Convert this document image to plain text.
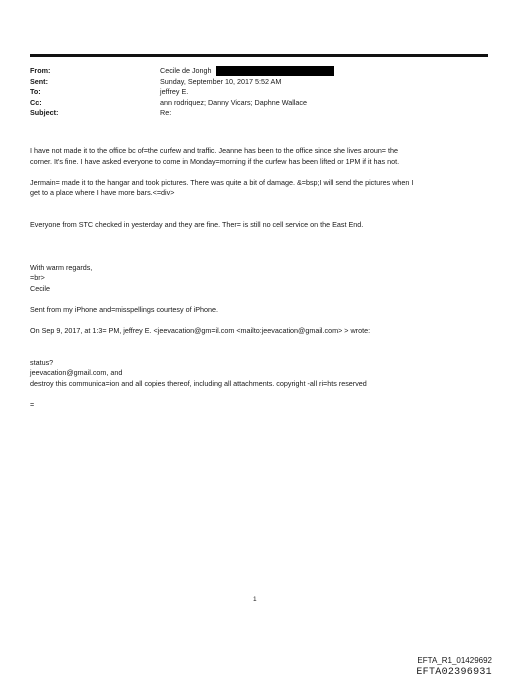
From:	Cecile de Jongh
Sent:	Sunday, September 10, 2017 5:52 AM
To:	jeffrey E.
Cc:	ann rodriquez; Danny Vicars; Daphne Wallace
Subject:	Re:

I have not made it to the office bc of=the curfew and traffic. Jeanne has been to the office since she lives aroun= the

corner. It's fine. I have asked everyone to come in Monday=morning if the curfew has been lifted or 1PM if it has not.

Jermain= made it to the hangar and took pictures. There was quite a bit of damage. &=bsp;I will send the pictures when I

get to a place where I have more bars.<=div>

Everyone from STC checked in yesterday and they are fine. Ther= is still no cell service on the East End.

With warm regards,

=br>

Cecile

Sent from my iPhone and=misspellings courtesy of iPhone.

On Sep 9, 2017, at 1:3= PM, jeffrey E. <jeevacation@gm=il.com <mailto:jeevacation@gmail.com> > wrote:

status?

jeevacation@gmail.com, and

destroy this communica=ion and all copies thereof, including all attachments. copyright -all ri=hts reserved

=

1
EFTA_R1_01429692
EFTA02396931
